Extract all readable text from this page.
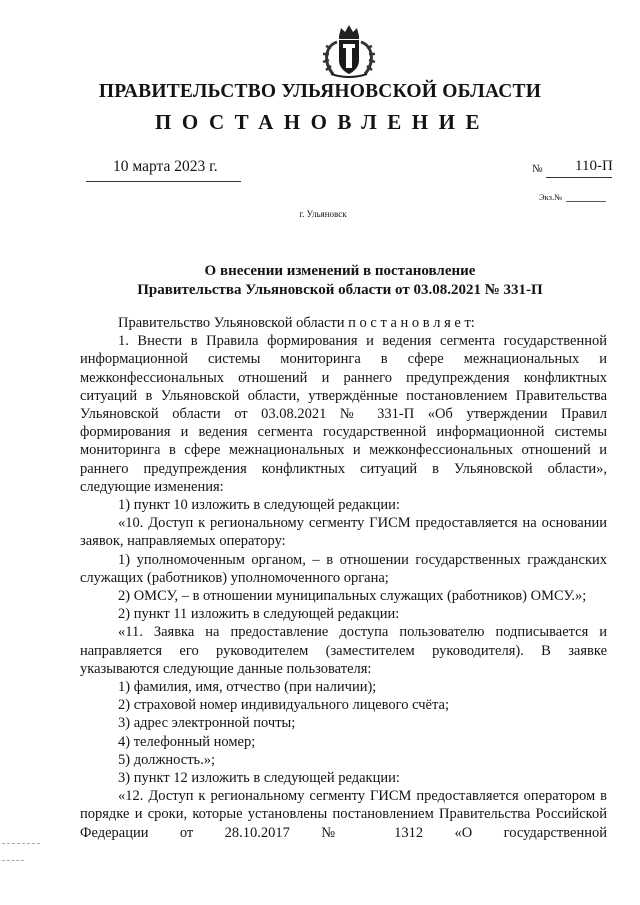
ПРАВИТЕЛЬСТВО УЛЬЯНОВСКОЙ ОБЛАСТИ
ПОСТАНОВЛЕНИЕ
10 марта 2023 г.	№ 110-П
Экз.№
г. Ульяновск
О внесении изменений в постановление
Правительства Ульяновской области от 03.08.2021 № 331-П

Правительство Ульяновской области п о с т а н о в л я е т:

1. Внести в Правила формирования и ведения сегмента государственной информационной системы мониторинга в сфере межнациональных и межконфессиональных отношений и раннего предупреждения конфликтных ситуаций в Ульяновской области, утверждённые постановлением Правительства Ульяновской области от 03.08.2021 № 331-П «Об утверждении Правил формирования и ведения сегмента государственной информационной системы мониторинга в сфере межнациональных и межконфессиональных отношений и раннего предупреждения конфликтных ситуаций в Ульяновской области», следующие изменения:

1) пункт 10 изложить в следующей редакции:

«10. Доступ к региональному сегменту ГИСМ предоставляется на основании заявок, направляемых оператору:

1) уполномоченным органом, – в отношении государственных гражданских служащих (работников) уполномоченного органа;

2) ОМСУ, – в отношении муниципальных служащих (работников) ОМСУ.»;

2) пункт 11 изложить в следующей редакции:

«11. Заявка на предоставление доступа пользователю подписывается и направляется его руководителем (заместителем руководителя). В заявке указываются следующие данные пользователя:

1) фамилия, имя, отчество (при наличии);

2) страховой номер индивидуального лицевого счёта;

3) адрес электронной почты;

4) телефонный номер;

5) должность.»;

3) пункт 12 изложить в следующей редакции:

«12. Доступ к региональному сегменту ГИСМ предоставляется оператором в порядке и сроки, которые установлены постановлением Правительства Российской Федерации от 28.10.2017 № 1312 «О государственной
